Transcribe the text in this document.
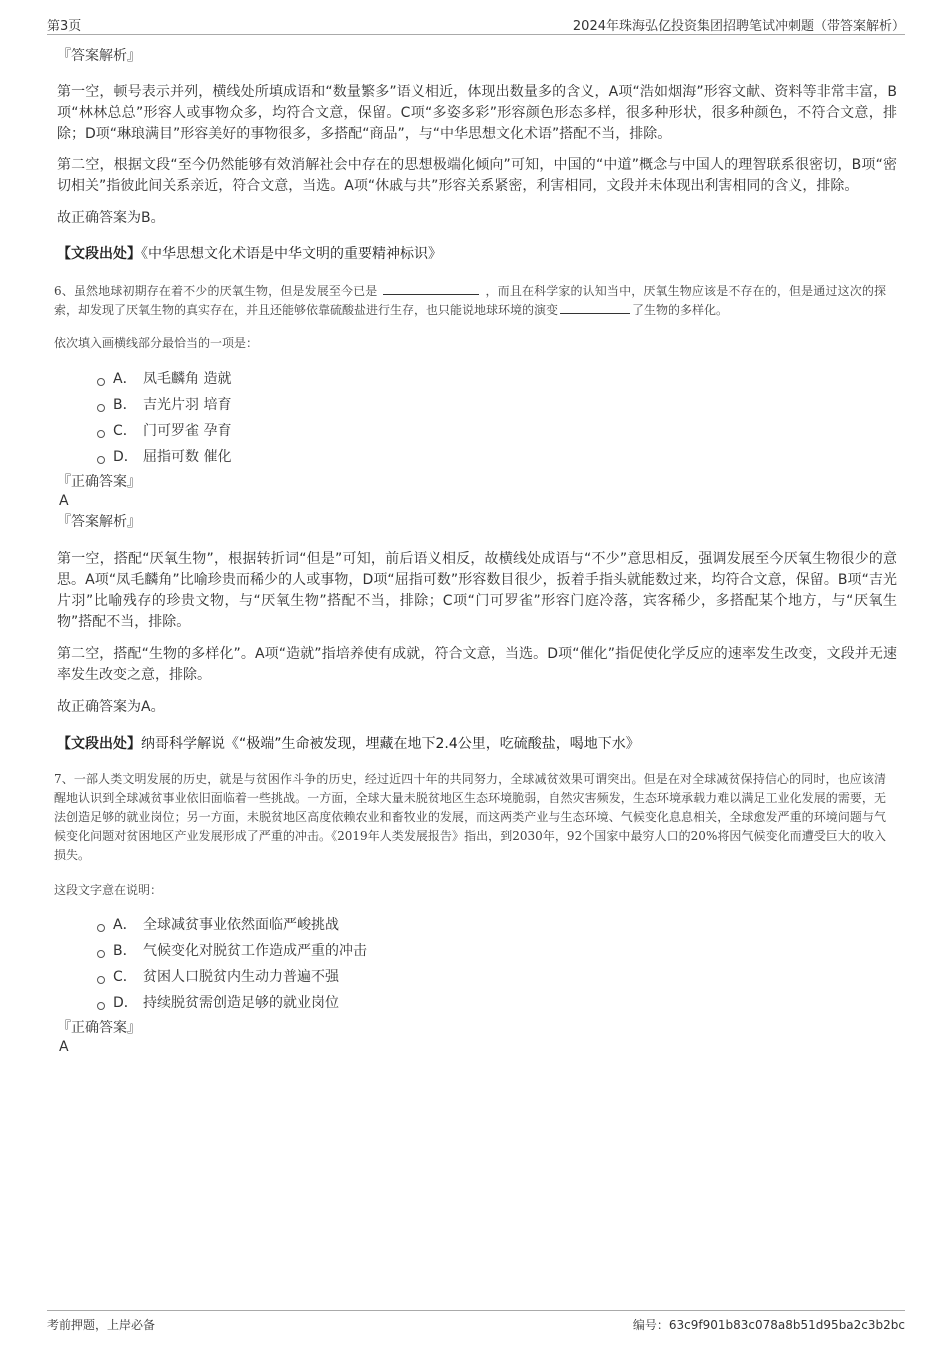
第3页	2024年珠海弘亿投资集团招聘笔试冲刺题（带答案解析）

『答案解析』

第一空，顿号表示并列，横线处所填成语和“数量繁多”语义相近，体现出数量多的含义，A项“浩如烟海”形容文献、资料等非常丰富，B项“林林总总”形容人或事物众多，均符合文意，保留。C项“多姿多彩”形容颜色形态多样，很多种形状，很多种颜色，不符合文意，排除；D项“琳琅满目”形容美好的事物很多，多搭配“商品”，与“中华思想文化术语”搭配不当，排除。

第二空，根据文段“至今仍然能够有效消解社会中存在的思想极端化倾向”可知，中国的“中道”概念与中国人的理智联系很密切，B项“密切相关”指彼此间关系亲近，符合文意，当选。A项“休戚与共”形容关系紧密，利害相同，文段并未体现出利害相同的含义，排除。

故正确答案为B。

【文段出处】《中华思想文化术语是中华文明的重要精神标识》

6、虽然地球初期存在着不少的厌氧生物，但是发展至今已是	，而且在科学家的认知当中，厌氧生物应该是不存在的，但是通过这次的探索，却发现了厌氧生物的真实存在，并且还能够依靠硫酸盐进行生存，也只能说地球环境的演变	了生物的多样化。

依次填入画横线部分最恰当的一项是：

A． 凤毛麟角 造就
B． 吉光片羽 培育
C． 门可罗雀 孕育
D． 屈指可数 催化

『正确答案』

A

『答案解析』

第一空，搭配“厌氧生物”，根据转折词“但是”可知，前后语义相反，故横线处成语与“不少”意思相反，强调发展至今厌氧生物很少的意思。A项“凤毛麟角”比喻珍贵而稀少的人或事物，D项“屈指可数”形容数目很少，扳着手指头就能数过来，均符合文意，保留。B项“吉光片羽”比喻残存的珍贵文物，与“厌氧生物”搭配不当，排除；C项“门可罗雀”形容门庭冷落，宾客稀少，多搭配某个地方，与“厌氧生物”搭配不当，排除。

第二空，搭配“生物的多样化”。A项“造就”指培养使有成就，符合文意，当选。D项“催化”指促使化学反应的速率发生改变，文段并无速率发生改变之意，排除。

故正确答案为A。

【文段出处】纳哥科学解说《“极端”生命被发现，埋藏在地下2.4公里，吃硫酸盐，喝地下水》

7、一部人类文明发展的历史，就是与贫困作斗争的历史，经过近四十年的共同努力，全球减贫效果可谓突出。但是在对全球减贫保持信心的同时，也应该清醒地认识到全球减贫事业依旧面临着一些挑战。一方面，全球大量未脱贫地区生态环境脆弱，自然灾害频发，生态环境承载力难以满足工业化发展的需要，无法创造足够的就业岗位；另一方面，未脱贫地区高度依赖农业和畜牧业的发展，而这两类产业与生态环境、气候变化息息相关，全球愈发严重的环境问题与气候变化问题对贫困地区产业发展形成了严重的冲击。《2019年人类发展报告》指出，到2030年，92个国家中最穷人口的20%将因气候变化而遭受巨大的收入损失。

这段文字意在说明：

A． 全球减贫事业依然面临严峻挑战
B． 气候变化对脱贫工作造成严重的冲击
C． 贫困人口脱贫内生动力普遍不强
D． 持续脱贫需创造足够的就业岗位

『正确答案』

A

考前押题，上岸必备	编号：63c9f901b83c078a8b51d95ba2c3b2bc
